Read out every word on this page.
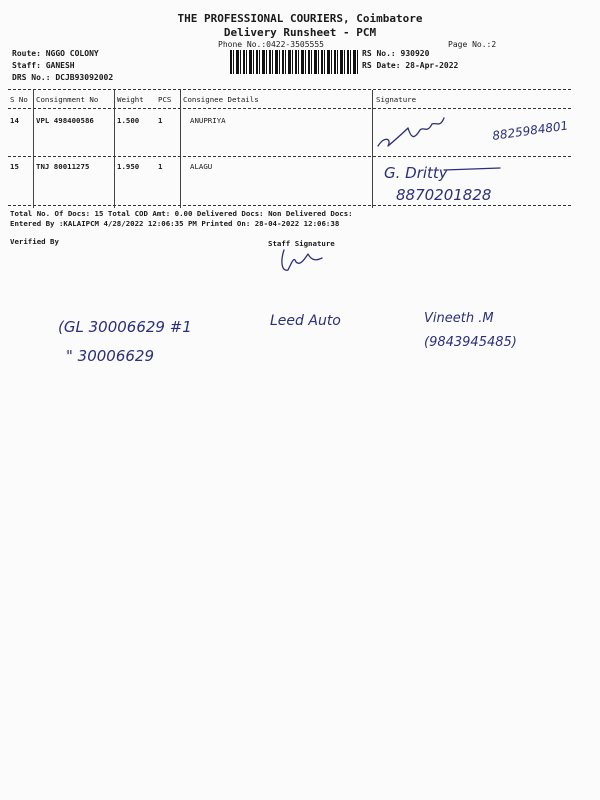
THE PROFESSIONAL COURIERS, Coimbatore
Delivery Runsheet - PCM
Phone No.:0422-3505555	Page No.:2
Route: NGGO COLONY
Staff: GANESH
DRS No.: DCJB93092002
RS No.: 930920
RS Date: 28-Apr-2022
S No Consignment No	Weight PCS Consignee Details	Signature
14 VPL 498400586	1.500	1	ANUPRIYA
15 TNJ 80011275	1.950	1	ALAGU
Total No. Of Docs: 15 Total COD Amt: 0.00 Delivered Docs: Non Delivered Docs:
Entered By :KALAIPCM 4/28/2022 12:06:35 PM Printed On: 28-04-2022 12:06:38
Verified By	Staff Signature
8825984801
G. Dritty
8870201828
(GL 30006629 #1	Leed Auto	Vineeth .M
(9843945485)
" 30006629
